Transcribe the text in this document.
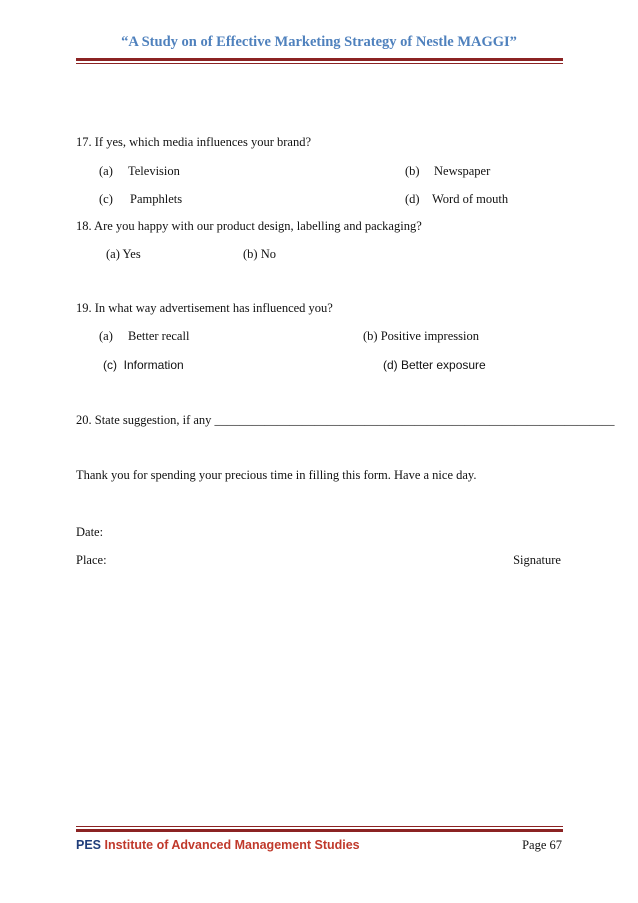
“A Study on of Effective Marketing Strategy of Nestle MAGGI”
17. If yes, which media influences your brand?
(a) Television	(b) Newspaper
(c) Pamphlets	(d) Word of mouth
18. Are you happy with our product design, labelling and packaging?
(a) Yes	(b) No
19. In what way advertisement has influenced you?
(a) Better recall	(b) Positive impression
(c)  Information	(d) Better exposure
20. State suggestion, if any ________________________________________________________________
Thank you for spending your precious time in filling this form. Have a nice day.
Date:
Place:	Signature
PES Institute of Advanced Management Studies	Page 67
